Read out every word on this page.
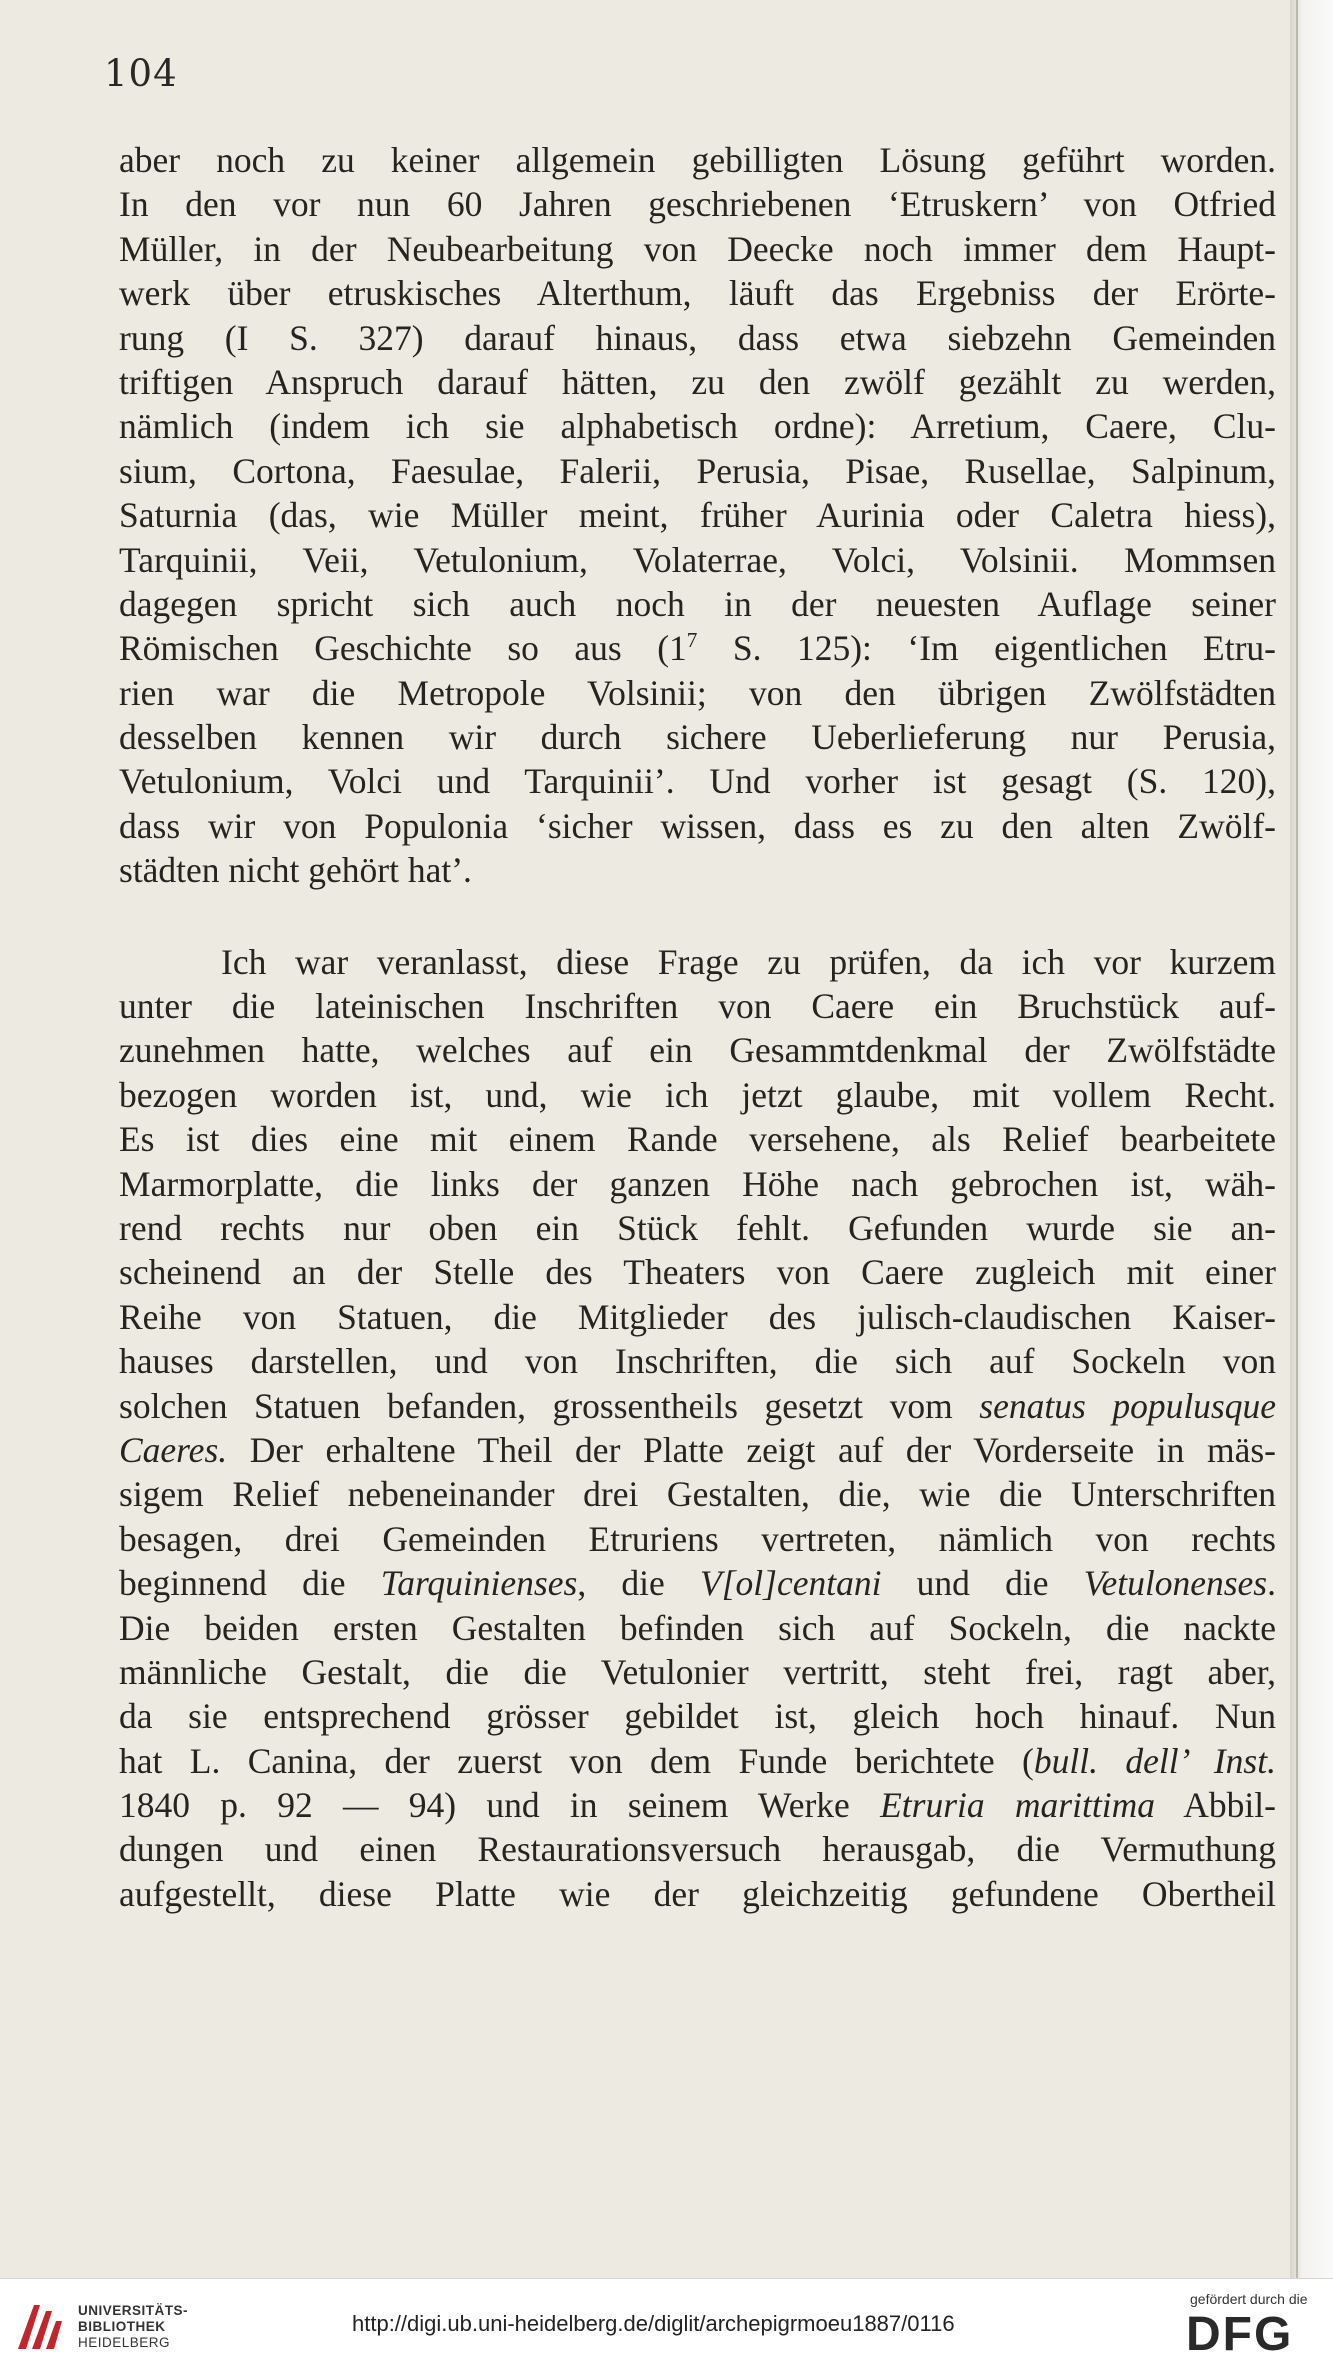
104
aber noch zu keiner allgemein gebilligten Lösung geführt worden.
In den vor nun 60 Jahren geschriebenen ‘Etruskern’ von Otfried
Müller, in der Neubearbeitung von Deecke noch immer dem Haupt-
werk über etruskisches Alterthum, läuft das Ergebniss der Erörte-
rung (I S. 327) darauf hinaus, dass etwa siebzehn Gemeinden
triftigen Anspruch darauf hätten, zu den zwölf gezählt zu werden,
nämlich (indem ich sie alphabetisch ordne): Arretium, Caere, Clu-
sium, Cortona, Faesulae, Falerii, Perusia, Pisae, Rusellae, Salpinum,
Saturnia (das, wie Müller meint, früher Aurinia oder Caletra hiess),
Tarquinii, Veii, Vetulonium, Volaterrae, Volci, Volsinii. Mommsen
dagegen spricht sich auch noch in der neuesten Auflage seiner
Römischen Geschichte so aus ($1^7$ S. 125): ‘Im eigentlichen Etru-
rien war die Metropole Volsinii; von den übrigen Zwölfstädten
desselben kennen wir durch sichere Ueberlieferung nur Perusia,
Vetulonium, Volci und Tarquinii’. Und vorher ist gesagt (S. 120),
dass wir von Populonia ‘sicher wissen, dass es zu den alten Zwölf-
städten nicht gehört hat’.
Ich war veranlasst, diese Frage zu prüfen, da ich vor kurzem
unter die lateinischen Inschriften von Caere ein Bruchstück auf-
zunehmen hatte, welches auf ein Gesammtdenkmal der Zwölfstädte
bezogen worden ist, und, wie ich jetzt glaube, mit vollem Recht.
Es ist dies eine mit einem Rande versehene, als Relief bearbeitete
Marmorplatte, die links der ganzen Höhe nach gebrochen ist, wäh-
rend rechts nur oben ein Stück fehlt. Gefunden wurde sie an-
scheinend an der Stelle des Theaters von Caere zugleich mit einer
Reihe von Statuen, die Mitglieder des julisch-claudischen Kaiser-
hauses darstellen, und von Inschriften, die sich auf Sockeln von
solchen Statuen befanden, grossentheils gesetzt vom senatus populusque
Caeres. Der erhaltene Theil der Platte zeigt auf der Vorderseite in mäs-
sigem Relief nebeneinander drei Gestalten, die, wie die Unterschriften
besagen, drei Gemeinden Etruriens vertreten, nämlich von rechts
beginnend die Tarquinienses, die V[ol]centani und die Vetulonenses.
Die beiden ersten Gestalten befinden sich auf Sockeln, die nackte
männliche Gestalt, die die Vetulonier vertritt, steht frei, ragt aber,
da sie entsprechend grösser gebildet ist, gleich hoch hinauf. Nun
hat L. Canina, der zuerst von dem Funde berichtete (bull. dell’ Inst.
1840 p. 92 — 94) und in seinem Werke Etruria marittima Abbil-
dungen und einen Restaurationsversuch herausgab, die Vermuthung
aufgestellt, diese Platte wie der gleichzeitig gefundene Obertheil
UNIVERSITÄTS-
BIBLIOTHEK
HEIDELBERG
http://digi.ub.uni-heidelberg.de/diglit/archepigrmoeu1887/0116
gefördert durch die
DFG
